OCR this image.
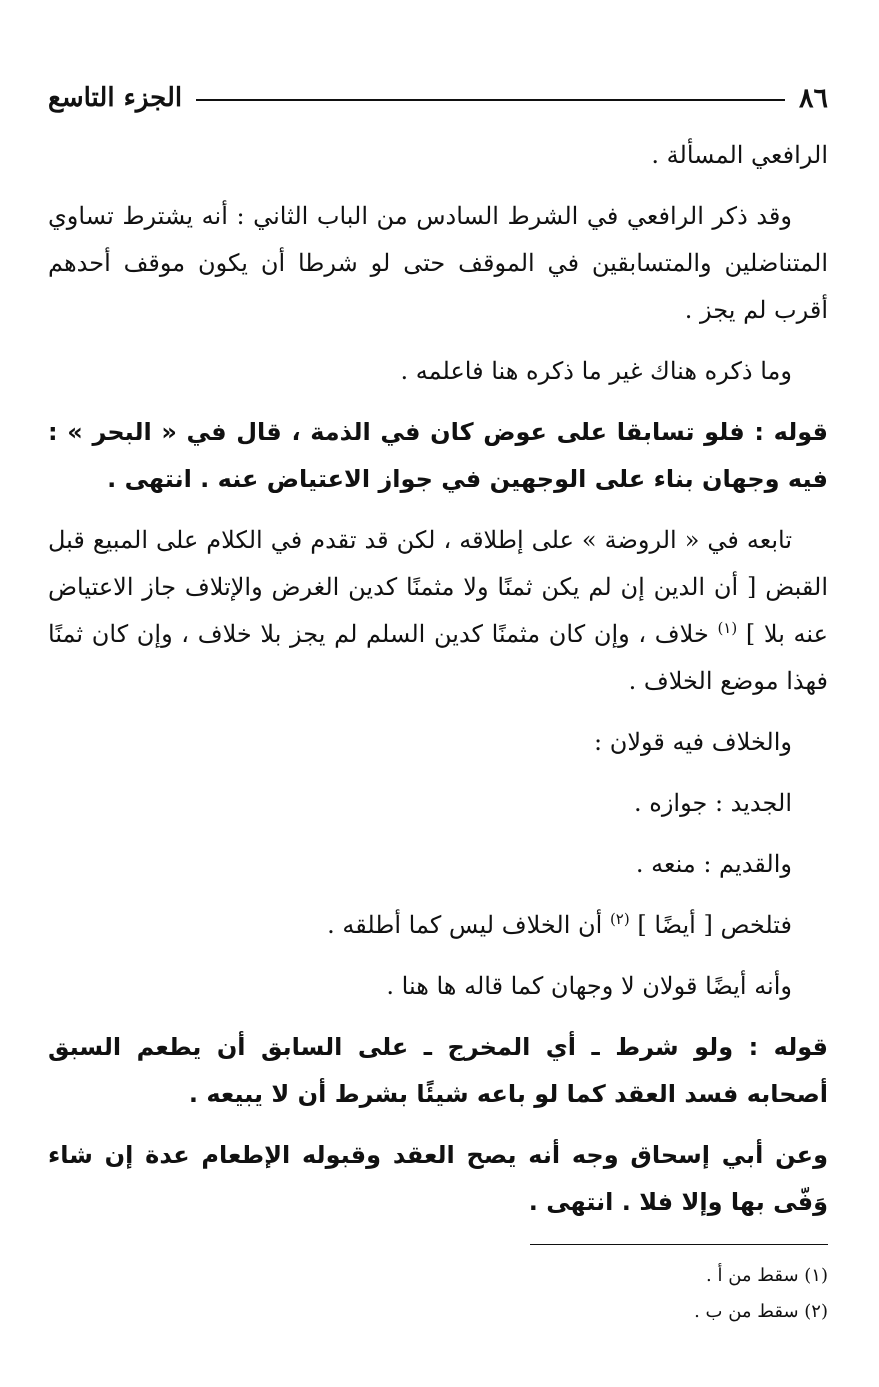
٨٦
الجزء التاسع

الرافعي المسألة .

وقد ذكر الرافعي في الشرط السادس من الباب الثاني : أنه يشترط تساوي المتناضلين والمتسابقين في الموقف حتى لو شرطا أن يكون موقف أحدهم أقرب لم يجز .

وما ذكره هناك غير ما ذكره هنا فاعلمه .

قوله : فلو تسابقا على عوض كان في الذمة ، قال في « البحر » : فيه وجهان بناء على الوجهين في جواز الاعتياض عنه . انتهى .

تابعه في « الروضة » على إطلاقه ، لكن قد تقدم في الكلام على المبيع قبل القبض [ أن الدين إن لم يكن ثمنًا ولا مثمنًا كدين الغرض والإتلاف جاز الاعتياض عنه بلا ] $^{(١)}$ خلاف ، وإن كان مثمنًا كدين السلم لم يجز بلا خلاف ، وإن كان ثمنًا فهذا موضع الخلاف .

والخلاف فيه قولان :

الجديد : جوازه .

والقديم : منعه .

فتلخص [ أيضًا ] $^{(٢)}$ أن الخلاف ليس كما أطلقه .

وأنه أيضًا قولان لا وجهان كما قاله ها هنا .

قوله : ولو شرط ـ أي المخرج ـ على السابق أن يطعم السبق أصحابه فسد العقد كما لو باعه شيئًا بشرط أن لا يبيعه .

وعن أبي إسحاق وجه أنه يصح العقد وقبوله الإطعام عدة إن شاء وَفّى بها وإلا فلا . انتهى .

(١) سقط من أ .
(٢) سقط من ب .
